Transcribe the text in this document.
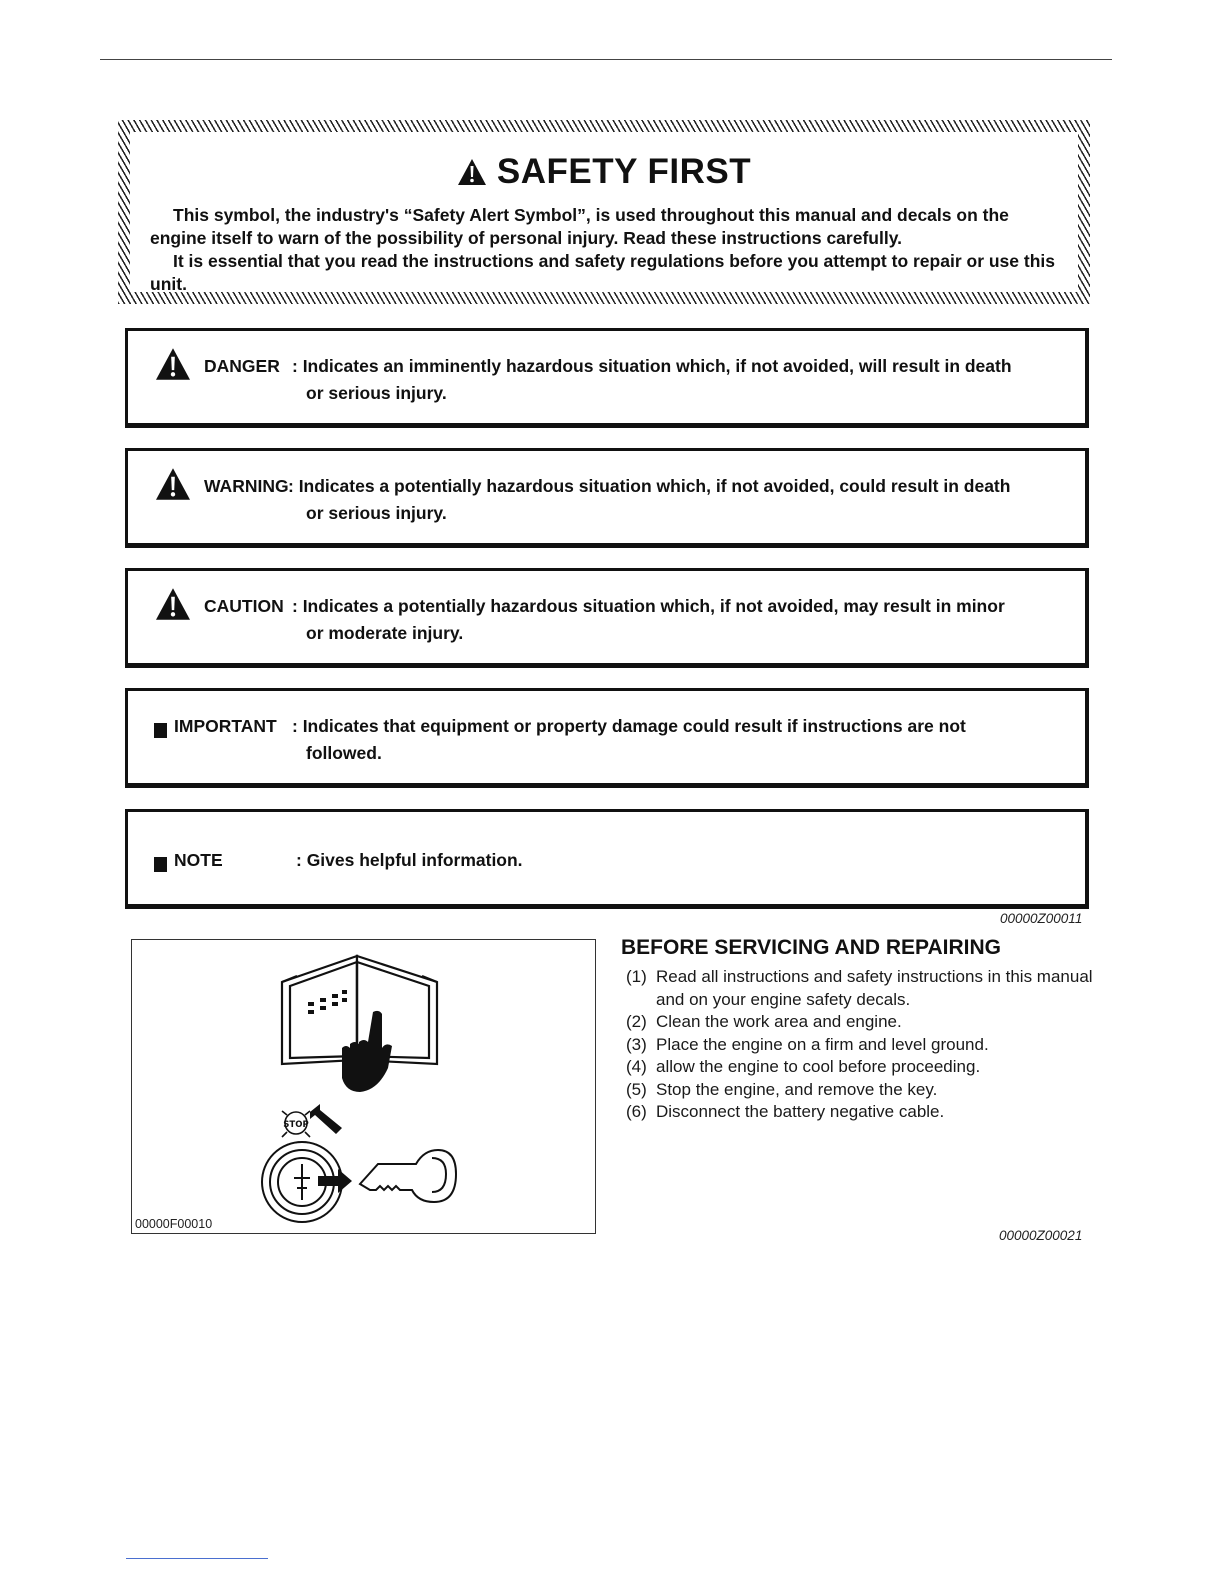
SAFETY FIRST
This symbol, the industry's “Safety Alert Symbol”, is used throughout this manual and decals on the engine itself to warn of the possibility of personal injury. Read these instructions carefully.
It is essential that you read the instructions and safety regulations before you attempt to repair or use this unit.
DANGER : Indicates an imminently hazardous situation which, if not avoided, will result in death
or serious injury.
WARNING : Indicates a potentially hazardous situation which, if not avoided, could result in death
or serious injury.
CAUTION : Indicates a potentially hazardous situation which, if not avoided, may result in minor
or moderate injury.
IMPORTANT : Indicates that equipment or property damage could result if instructions are not
followed.
NOTE	: Gives helpful information.
00000Z00011
STOP
00000F00010
BEFORE SERVICING AND REPAIRING
(1) Read all instructions and safety instructions in this manual and on your engine safety decals.
(2) Clean the work area and engine.
(3) Place the engine on a firm and level ground.
(4) allow the engine to cool before proceeding.
(5) Stop the engine, and remove the key.
(6) Disconnect the battery negative cable.
00000Z00021
